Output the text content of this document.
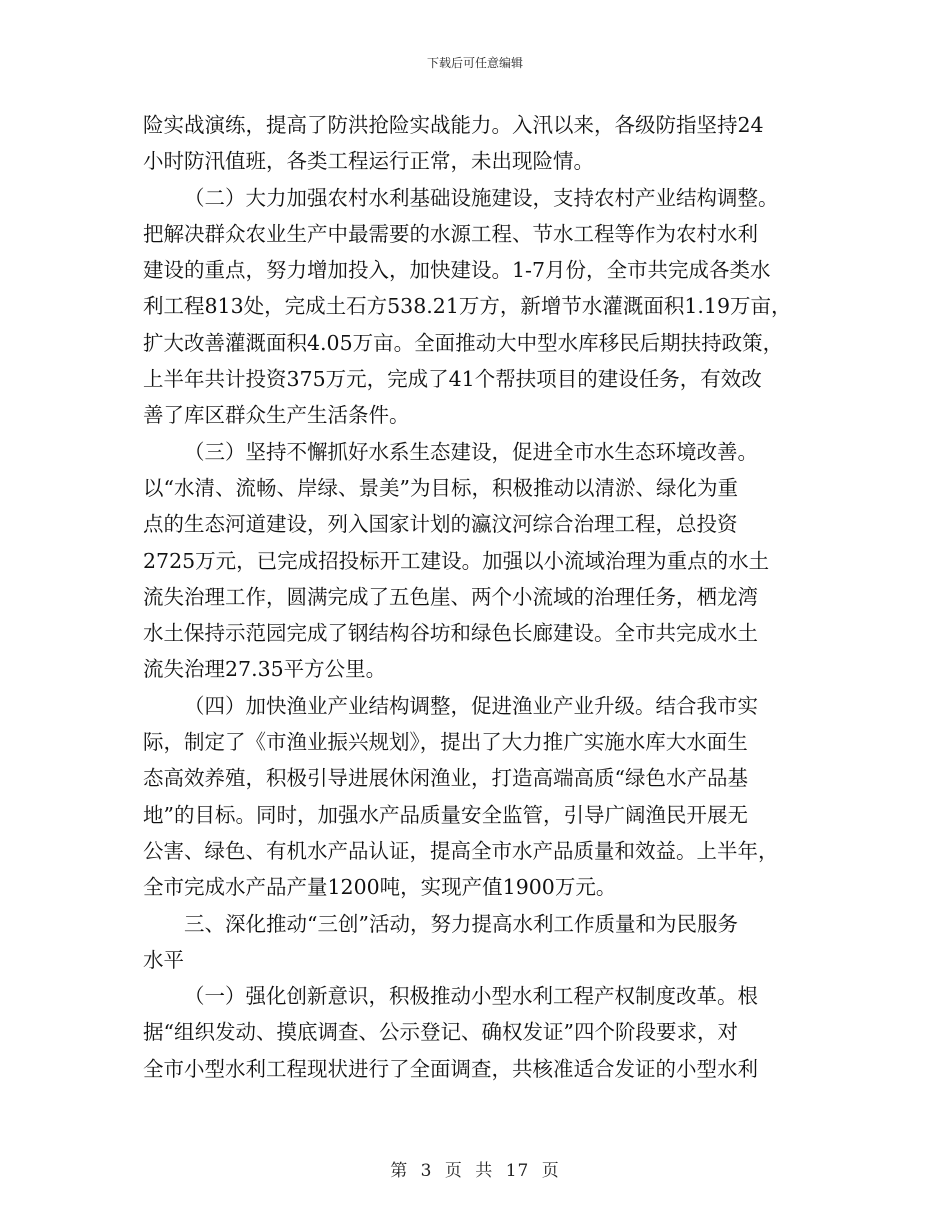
下载后可任意编辑
险实战演练，提高了防洪抢险实战能力。入汛以来，各级防指坚持24
小时防汛值班，各类工程运行正常，未出现险情。
（二）大力加强农村水利基础设施建设，支持农村产业结构调整。
把解决群众农业生产中最需要的水源工程、节水工程等作为农村水利
建设的重点，努力增加投入，加快建设。1-7月份，全市共完成各类水
利工程813处，完成土石方538.21万方，新增节水灌溉面积1.19万亩，
扩大改善灌溉面积4.05万亩。全面推动大中型水库移民后期扶持政策，
上半年共计投资375万元，完成了41个帮扶项目的建设任务，有效改
善了库区群众生产生活条件。
（三）坚持不懈抓好水系生态建设，促进全市水生态环境改善。
以“水清、流畅、岸绿、景美”为目标，积极推动以清淤、绿化为重
点的生态河道建设，列入国家计划的瀛汶河综合治理工程，总投资
2725万元，已完成招投标开工建设。加强以小流域治理为重点的水土
流失治理工作，圆满完成了五色崖、两个小流域的治理任务，栖龙湾
水土保持示范园完成了钢结构谷坊和绿色长廊建设。全市共完成水土
流失治理27.35平方公里。
（四）加快渔业产业结构调整，促进渔业产业升级。结合我市实
际，制定了《市渔业振兴规划》，提出了大力推广实施水库大水面生
态高效养殖，积极引导进展休闲渔业，打造高端高质“绿色水产品基
地”的目标。同时，加强水产品质量安全监管，引导广阔渔民开展无
公害、绿色、有机水产品认证，提高全市水产品质量和效益。上半年，
全市完成水产品产量1200吨，实现产值1900万元。
三、深化推动“三创”活动，努力提高水利工作质量和为民服务
水平
（一）强化创新意识，积极推动小型水利工程产权制度改革。根
据“组织发动、摸底调查、公示登记、确权发证”四个阶段要求，对
全市小型水利工程现状进行了全面调查，共核准适合发证的小型水利
第 3 页 共 17 页
